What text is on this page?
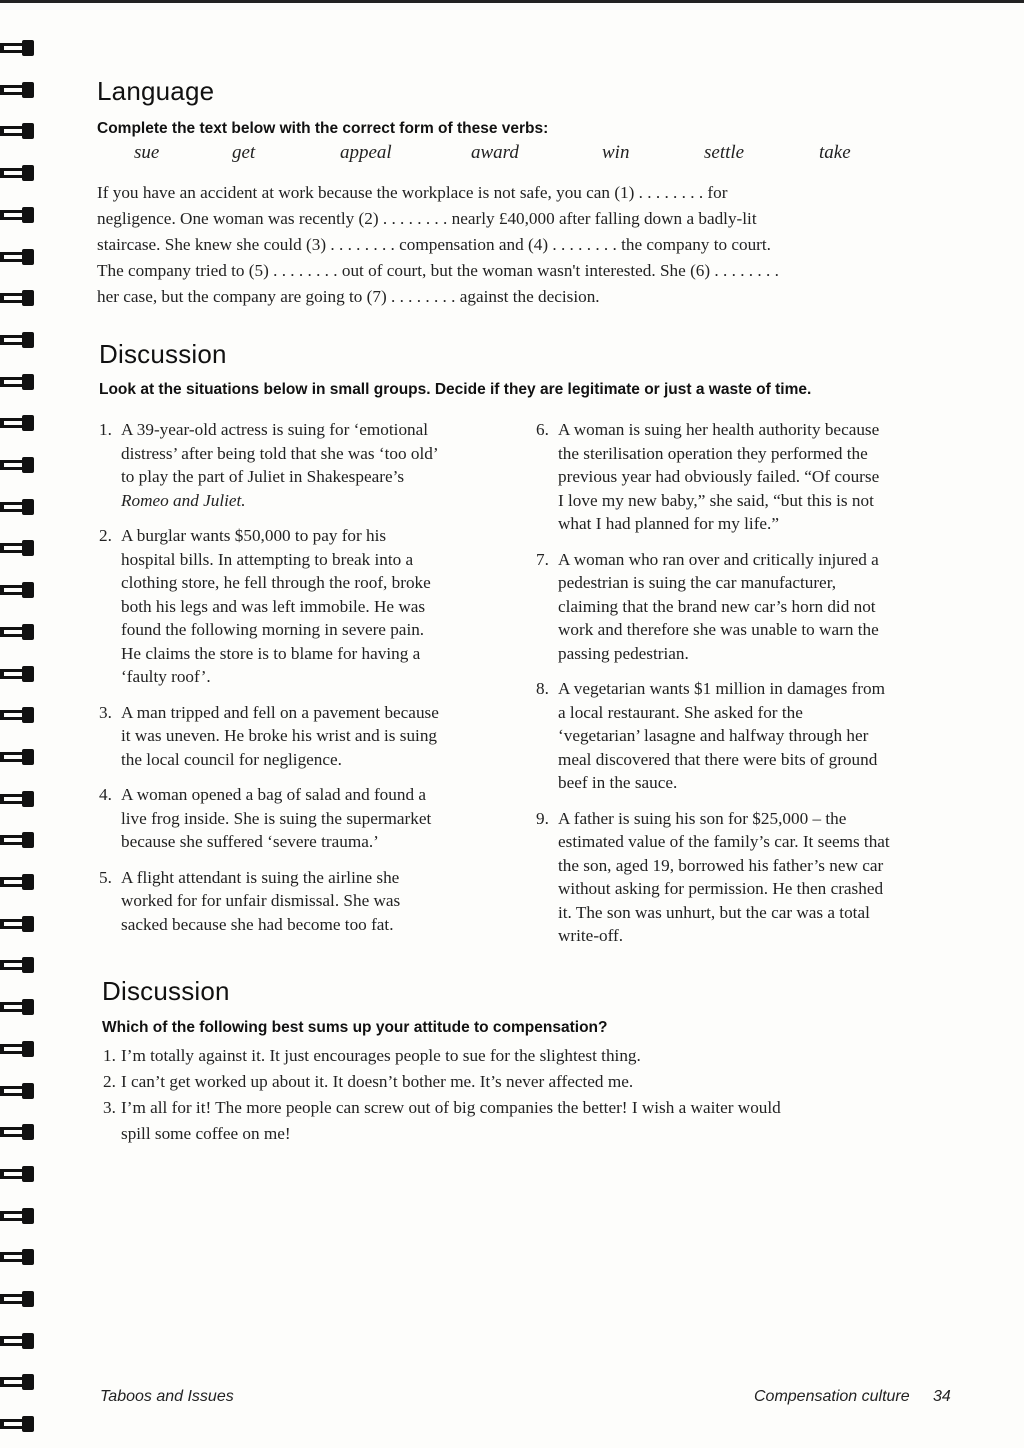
Language

Complete the text below with the correct form of these verbs:

sue	get	appeal	award	win	settle	take

If you have an accident at work because the workplace is not safe, you can (1) . . . . . . . . for
negligence. One woman was recently (2) . . . . . . . . nearly £40,000 after falling down a badly-lit
staircase. She knew she could (3) . . . . . . . . compensation and (4) . . . . . . . . the company to court.
The company tried to (5) . . . . . . . . out of court, but the woman wasn't interested. She (6) . . . . . . . .
her case, but the company are going to (7) . . . . . . . . against the decision.

Discussion

Look at the situations below in small groups. Decide if they are legitimate or just a waste of time.

1. A 39-year-old actress is suing for ‘emotional
distress’ after being told that she was ‘too old’
to play the part of Juliet in Shakespeare’s
Romeo and Juliet.
2. A burglar wants $50,000 to pay for his
hospital bills. In attempting to break into a
clothing store, he fell through the roof, broke
both his legs and was left immobile. He was
found the following morning in severe pain.
He claims the store is to blame for having a
‘faulty roof’.
3. A man tripped and fell on a pavement because
it was uneven. He broke his wrist and is suing
the local council for negligence.
4. A woman opened a bag of salad and found a
live frog inside. She is suing the supermarket
because she suffered ‘severe trauma.’
5. A flight attendant is suing the airline she
worked for for unfair dismissal. She was
sacked because she had become too fat.
6. A woman is suing her health authority because
the sterilisation operation they performed the
previous year had obviously failed. “Of course
I love my new baby,” she said, “but this is not
what I had planned for my life.”
7. A woman who ran over and critically injured a
pedestrian is suing the car manufacturer,
claiming that the brand new car’s horn did not
work and therefore she was unable to warn the
passing pedestrian.
8. A vegetarian wants $1 million in damages from
a local restaurant. She asked for the
‘vegetarian’ lasagne and halfway through her
meal discovered that there were bits of ground
beef in the sauce.
9. A father is suing his son for $25,000 – the
estimated value of the family’s car. It seems that
the son, aged 19, borrowed his father’s new car
without asking for permission. He then crashed
it. The son was unhurt, but the car was a total
write-off.
Discussion

Which of the following best sums up your attitude to compensation?

1. I’m totally against it. It just encourages people to sue for the slightest thing.
2. I can’t get worked up about it. It doesn’t bother me. It’s never affected me.
3. I’m all for it! The more people can screw out of big companies the better! I wish a waiter would
spill some coffee on me!

Taboos and Issues	Compensation culture 34
